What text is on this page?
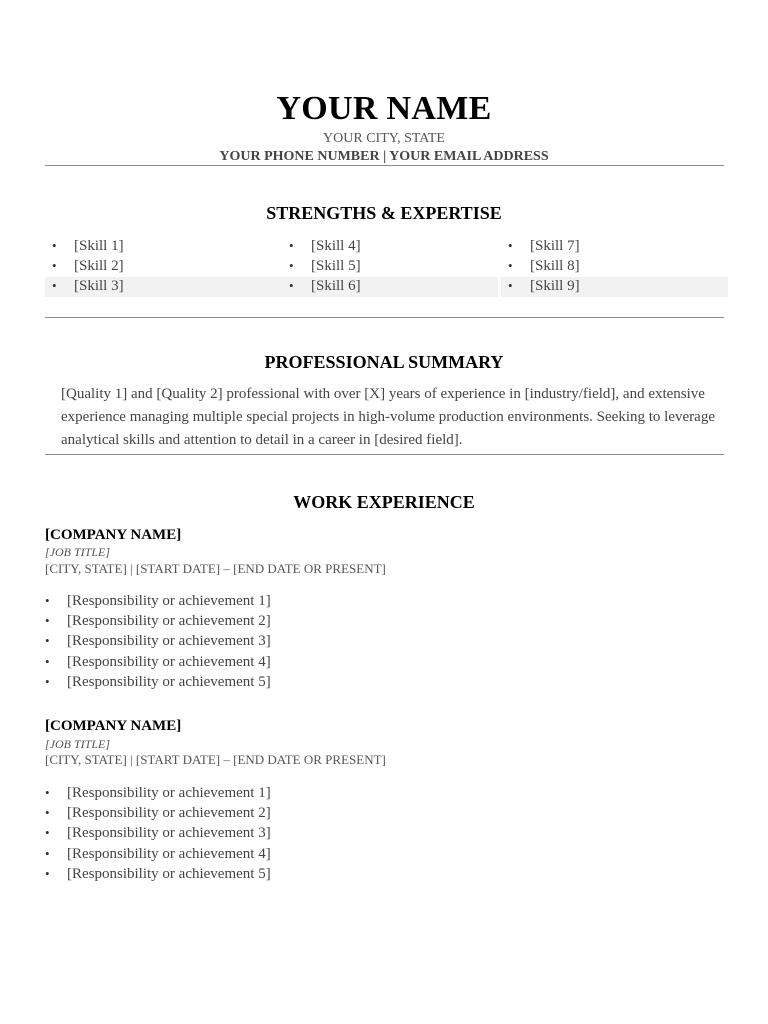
YOUR NAME
YOUR CITY, STATE
YOUR PHONE NUMBER | YOUR EMAIL ADDRESS
STRENGTHS & EXPERTISE
• [Skill 1]
• [Skill 2]
• [Skill 3]
• [Skill 4]
• [Skill 5]
• [Skill 6]
• [Skill 7]
• [Skill 8]
• [Skill 9]
PROFESSIONAL SUMMARY
[Quality 1] and [Quality 2] professional with over [X] years of experience in [industry/field], and extensive experience managing multiple special projects in high-volume production environments. Seeking to leverage analytical skills and attention to detail in a career in [desired field].
WORK EXPERIENCE
[COMPANY NAME]
[JOB TITLE]
[CITY, STATE] | [START DATE] – [END DATE OR PRESENT]
• [Responsibility or achievement 1]
• [Responsibility or achievement 2]
• [Responsibility or achievement 3]
• [Responsibility or achievement 4]
• [Responsibility or achievement 5]
[COMPANY NAME]
[JOB TITLE]
[CITY, STATE] | [START DATE] – [END DATE OR PRESENT]
• [Responsibility or achievement 1]
• [Responsibility or achievement 2]
• [Responsibility or achievement 3]
• [Responsibility or achievement 4]
• [Responsibility or achievement 5]
